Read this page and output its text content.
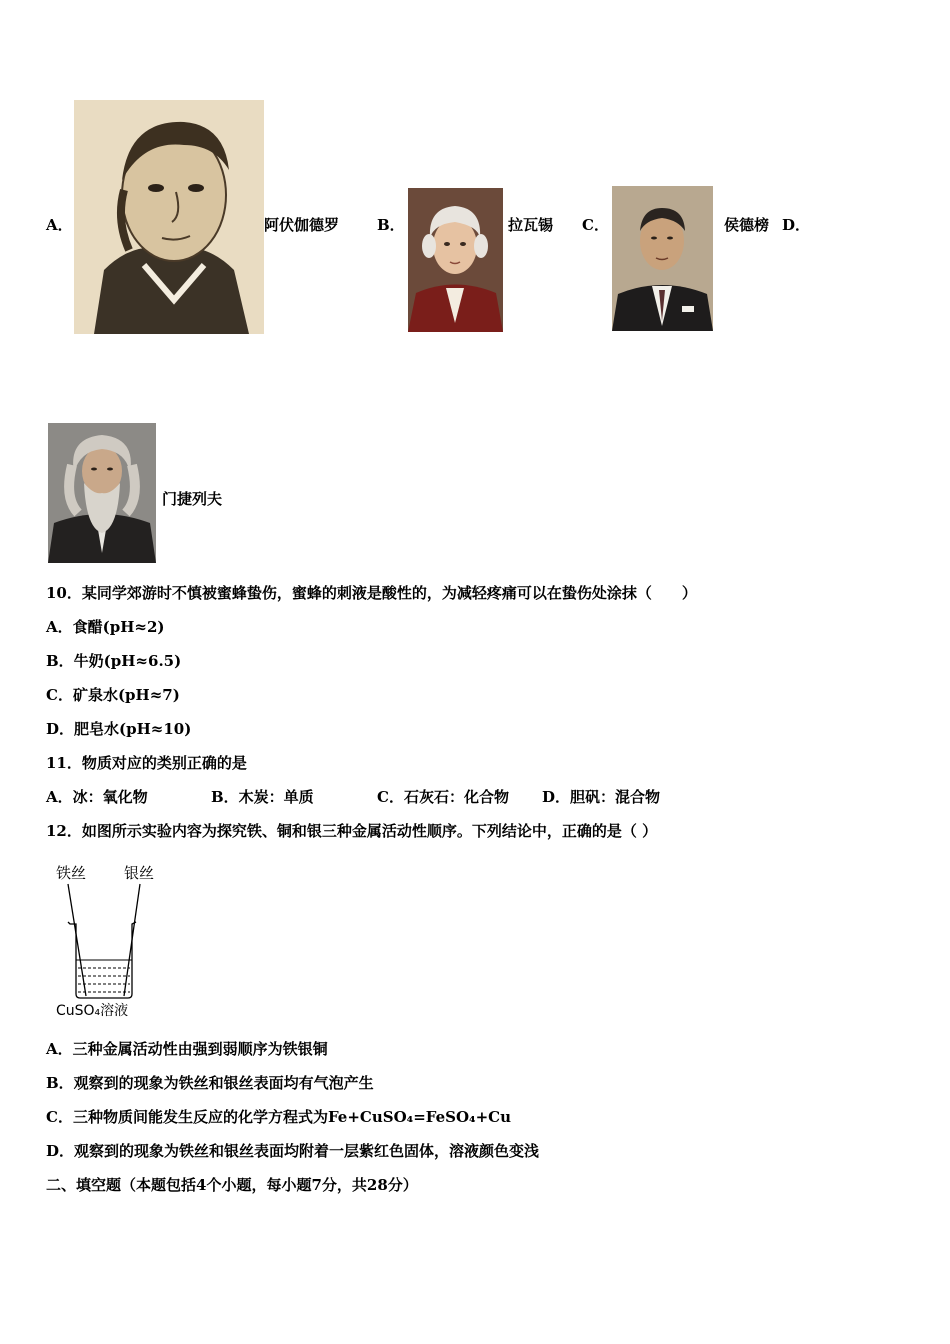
A．	阿伏伽德罗	B．	拉瓦锡 C．	侯德榜 D．
门捷列夫
10．某同学郊游时不慎被蜜蜂蛰伤，蜜蜂的刺液是酸性的，为减轻疼痛可以在蛰伤处涂抹（　　）
A．食醋(pH≈2)
B．牛奶(pH≈6.5)
C．矿泉水(pH≈7)
D．肥皂水(pH≈10)
11．物质对应的类别正确的是
A．冰：氧化物	B．木炭：单质	C．石灰石：化合物 D．胆矾：混合物
12．如图所示实验内容为探究铁、铜和银三种金属活动性顺序。下列结论中，正确的是（ ）
铁丝	银丝
CuSO₄溶液
A．三种金属活动性由强到弱顺序为铁银铜
B．观察到的现象为铁丝和银丝表面均有气泡产生
C．三种物质间能发生反应的化学方程式为Fe+CuSO₄=FeSO₄+Cu
D．观察到的现象为铁丝和银丝表面均附着一层紫红色固体，溶液颜色变浅
二、填空题（本题包括4个小题，每小题7分，共28分）
